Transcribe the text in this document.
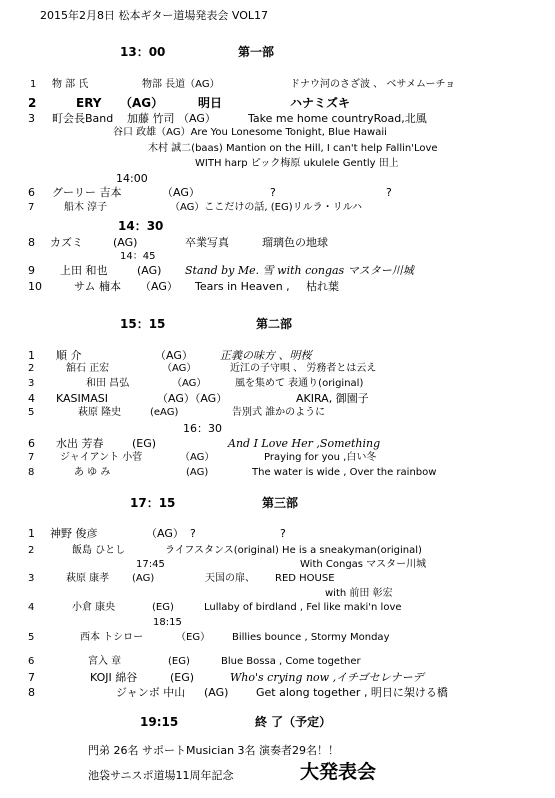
2015年2月8日 松本ギター道場発表会 VOL17
13：00	第一部
1 物 部 氏	物部 長道（AG）	ドナウ河のさざ波 、 ベサメムーチョ
2	ERY （AG）	明日	ハナミズキ
3 町会長Band 加藤 竹司 （AG）	Take me home countryRoad,北風
谷口 政雄（AG）Are You Lonesome Tonight, Blue Hawaii
木村 誠二(baas) Mantion on the Hill, I can't help Fallin'Love
WITH harp ピック梅原 ukulele Gently 田上
14:00
6 グーリー 吉本	（AG）	?	?
7	船木 淳子	（AG）ここだけの話, (EG)リルラ・リルハ
14：30
8 カズミ	(AG)	卒業写真	瑠璃色の地球
14：45
9 上田 和也	(AG) Stand by Me. 雪 with congas マスター川城
10	サム 楠本 （AG） Tears in Heaven , 枯れ葉
15：15	第二部
1 順 介	（AG） 正義の味方 、明桜
2	舘石 正宏	（AG）	近江の子守唄 、 労務者とは云え
3	和田 昌弘	（AG）	風を集めて 表通り(original)
4 KASIMASI	（AG）（AG）	AKIRA, 御園子
5	萩原 隆史	(eAG)	告別式 誰かのように
16：30
6 水出 芳春	(EG)	And I Love Her ,Something
7	ジャイアント 小菅	（AG）	Praying for you ,白い冬
8	あ ゆ み	(AG)	The water is wide , Over the rainbow
17：15	第三部
1 神野 俊彦	（AG） ?	?
2	飯島 ひとし	ライフスタンス(original) He is a sneakyman(original)
17:45	With Congas マスター川城
3	萩原 康孝 (AG)	天国の扉、 RED HOUSE
with 前田 彰宏
4	小倉 康央	(EG)	Lullaby of birdland , Fel like maki'n love
18:15
5	西本 トシロー	（EG） Billies bounce , Stormy Monday
6	宮入 章	(EG)	Blue Bossa , Come together
7	KOJI 綿谷	(EG)	Who's crying now ,イチゴセレナーデ
8	ジャンボ 中山 (AG)	Get along together , 明日に架ける橋
19:15	終 了（予定）
門弟 26名 サポートMusician 3名 演奏者29名！！
池袋サニスポ道場11周年記念	大発表会
